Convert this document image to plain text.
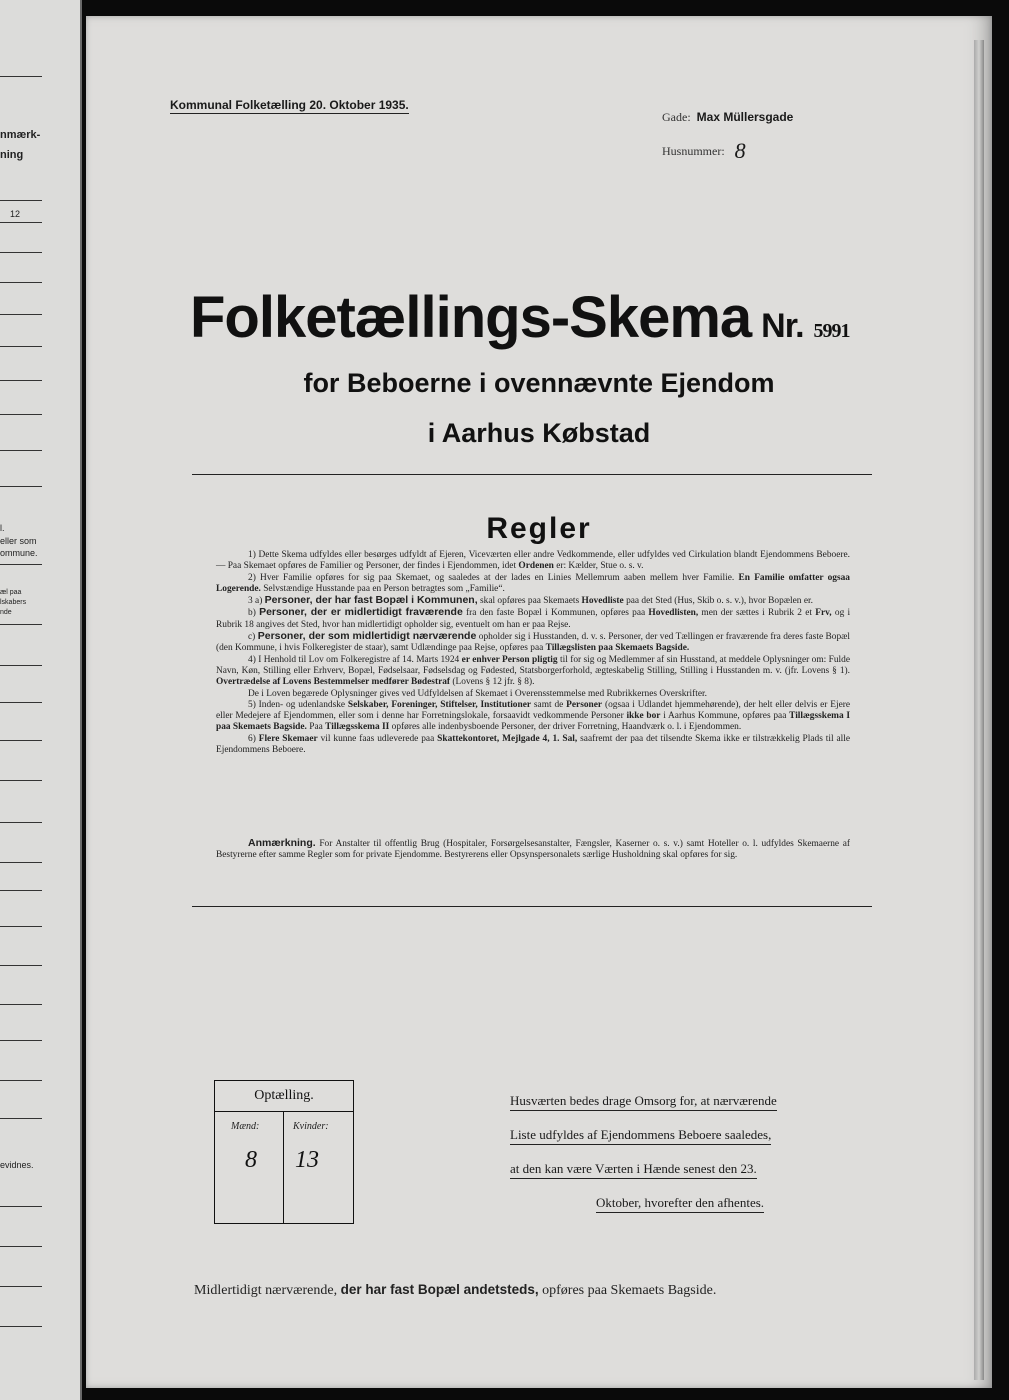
nmærk-
ning
12
l.
eller som
ommune.
æl paa
lskabers
nde
evidnes.
Kommunal Folketælling 20. Oktober 1935.
Gade: Max Müllersgade
Husnummer: 8
Folketællings-Skema Nr. 5991
for Beboerne i ovennævnte Ejendom
i Aarhus Købstad
Regler

1) Dette Skema udfyldes eller besørges udfyldt af Ejeren, Viceværten eller andre Vedkommende, eller udfyldes ved Cirkulation blandt Ejendommens Beboere. — Paa Skemaet opføres de Familier og Personer, der findes i Ejendommen, idet Ordenen er: Kælder, Stue o. s. v.

2) Hver Familie opføres for sig paa Skemaet, og saaledes at der lades en Linies Mellemrum aaben mellem hver Familie. En Familie omfatter ogsaa Logerende. Selvstændige Husstande paa en Person betragtes som „Familie“.

3 a) Personer, der har fast Bopæl i Kommunen, skal opføres paa Skemaets Hovedliste paa det Sted (Hus, Skib o. s. v.), hvor Bopælen er.

b) Personer, der er midlertidigt fraværende fra den faste Bopæl i Kommunen, opføres paa Hovedlisten, men der sættes i Rubrik 2 et Frv, og i Rubrik 18 angives det Sted, hvor han midlertidigt opholder sig, eventuelt om han er paa Rejse.

c) Personer, der som midlertidigt nærværende opholder sig i Husstanden, d. v. s. Personer, der ved Tællingen er fraværende fra deres faste Bopæl (den Kommune, i hvis Folkeregister de staar), samt Udlændinge paa Rejse, opføres paa Tillægslisten paa Skemaets Bagside.

4) I Henhold til Lov om Folkeregistre af 14. Marts 1924 er enhver Person pligtig til for sig og Medlemmer af sin Husstand, at meddele Oplysninger om: Fulde Navn, Køn, Stilling eller Erhverv, Bopæl, Fødselsaar, Fødselsdag og Fødested, Statsborgerforhold, ægteskabelig Stilling, Stilling i Husstanden m. v. (jfr. Lovens § 1). Overtrædelse af Lovens Bestemmelser medfører Bødestraf (Lovens § 12 jfr. § 8).

De i Loven begærede Oplysninger gives ved Udfyldelsen af Skemaet i Overensstemmelse med Rubrikkernes Overskrifter.

5) Inden- og udenlandske Selskaber, Foreninger, Stiftelser, Institutioner samt de Personer (ogsaa i Udlandet hjemmehørende), der helt eller delvis er Ejere eller Medejere af Ejendommen, eller som i denne har Forretningslokale, forsaavidt vedkommende Personer ikke bor i Aarhus Kommune, opføres paa Tillægsskema I paa Skemaets Bagside. Paa Tillægsskema II opføres alle indenbysboende Personer, der driver Forretning, Haandværk o. l. i Ejendommen.

6) Flere Skemaer vil kunne faas udleverede paa Skattekontoret, Mejlgade 4, 1. Sal, saafremt der paa det tilsendte Skema ikke er tilstrækkelig Plads til alle Ejendommens Beboere.

Anmærkning. For Anstalter til offentlig Brug (Hospitaler, Forsørgelsesanstalter, Fængsler, Kaserner o. s. v.) samt Hoteller o. l. udfyldes Skemaerne af Bestyrerne efter samme Regler som for private Ejendomme. Bestyrerens eller Opsynspersonalets særlige Husholdning skal opføres for sig.

Optælling.
Mænd:	Kvinder:
8 13
Husværten bedes drage Omsorg for, at nærværende
Liste udfyldes af Ejendommens Beboere saaledes,
at den kan være Værten i Hænde senest den 23.
Oktober, hvorefter den afhentes.
Midlertidigt nærværende, der har fast Bopæl andetsteds, opføres paa Skemaets Bagside.
